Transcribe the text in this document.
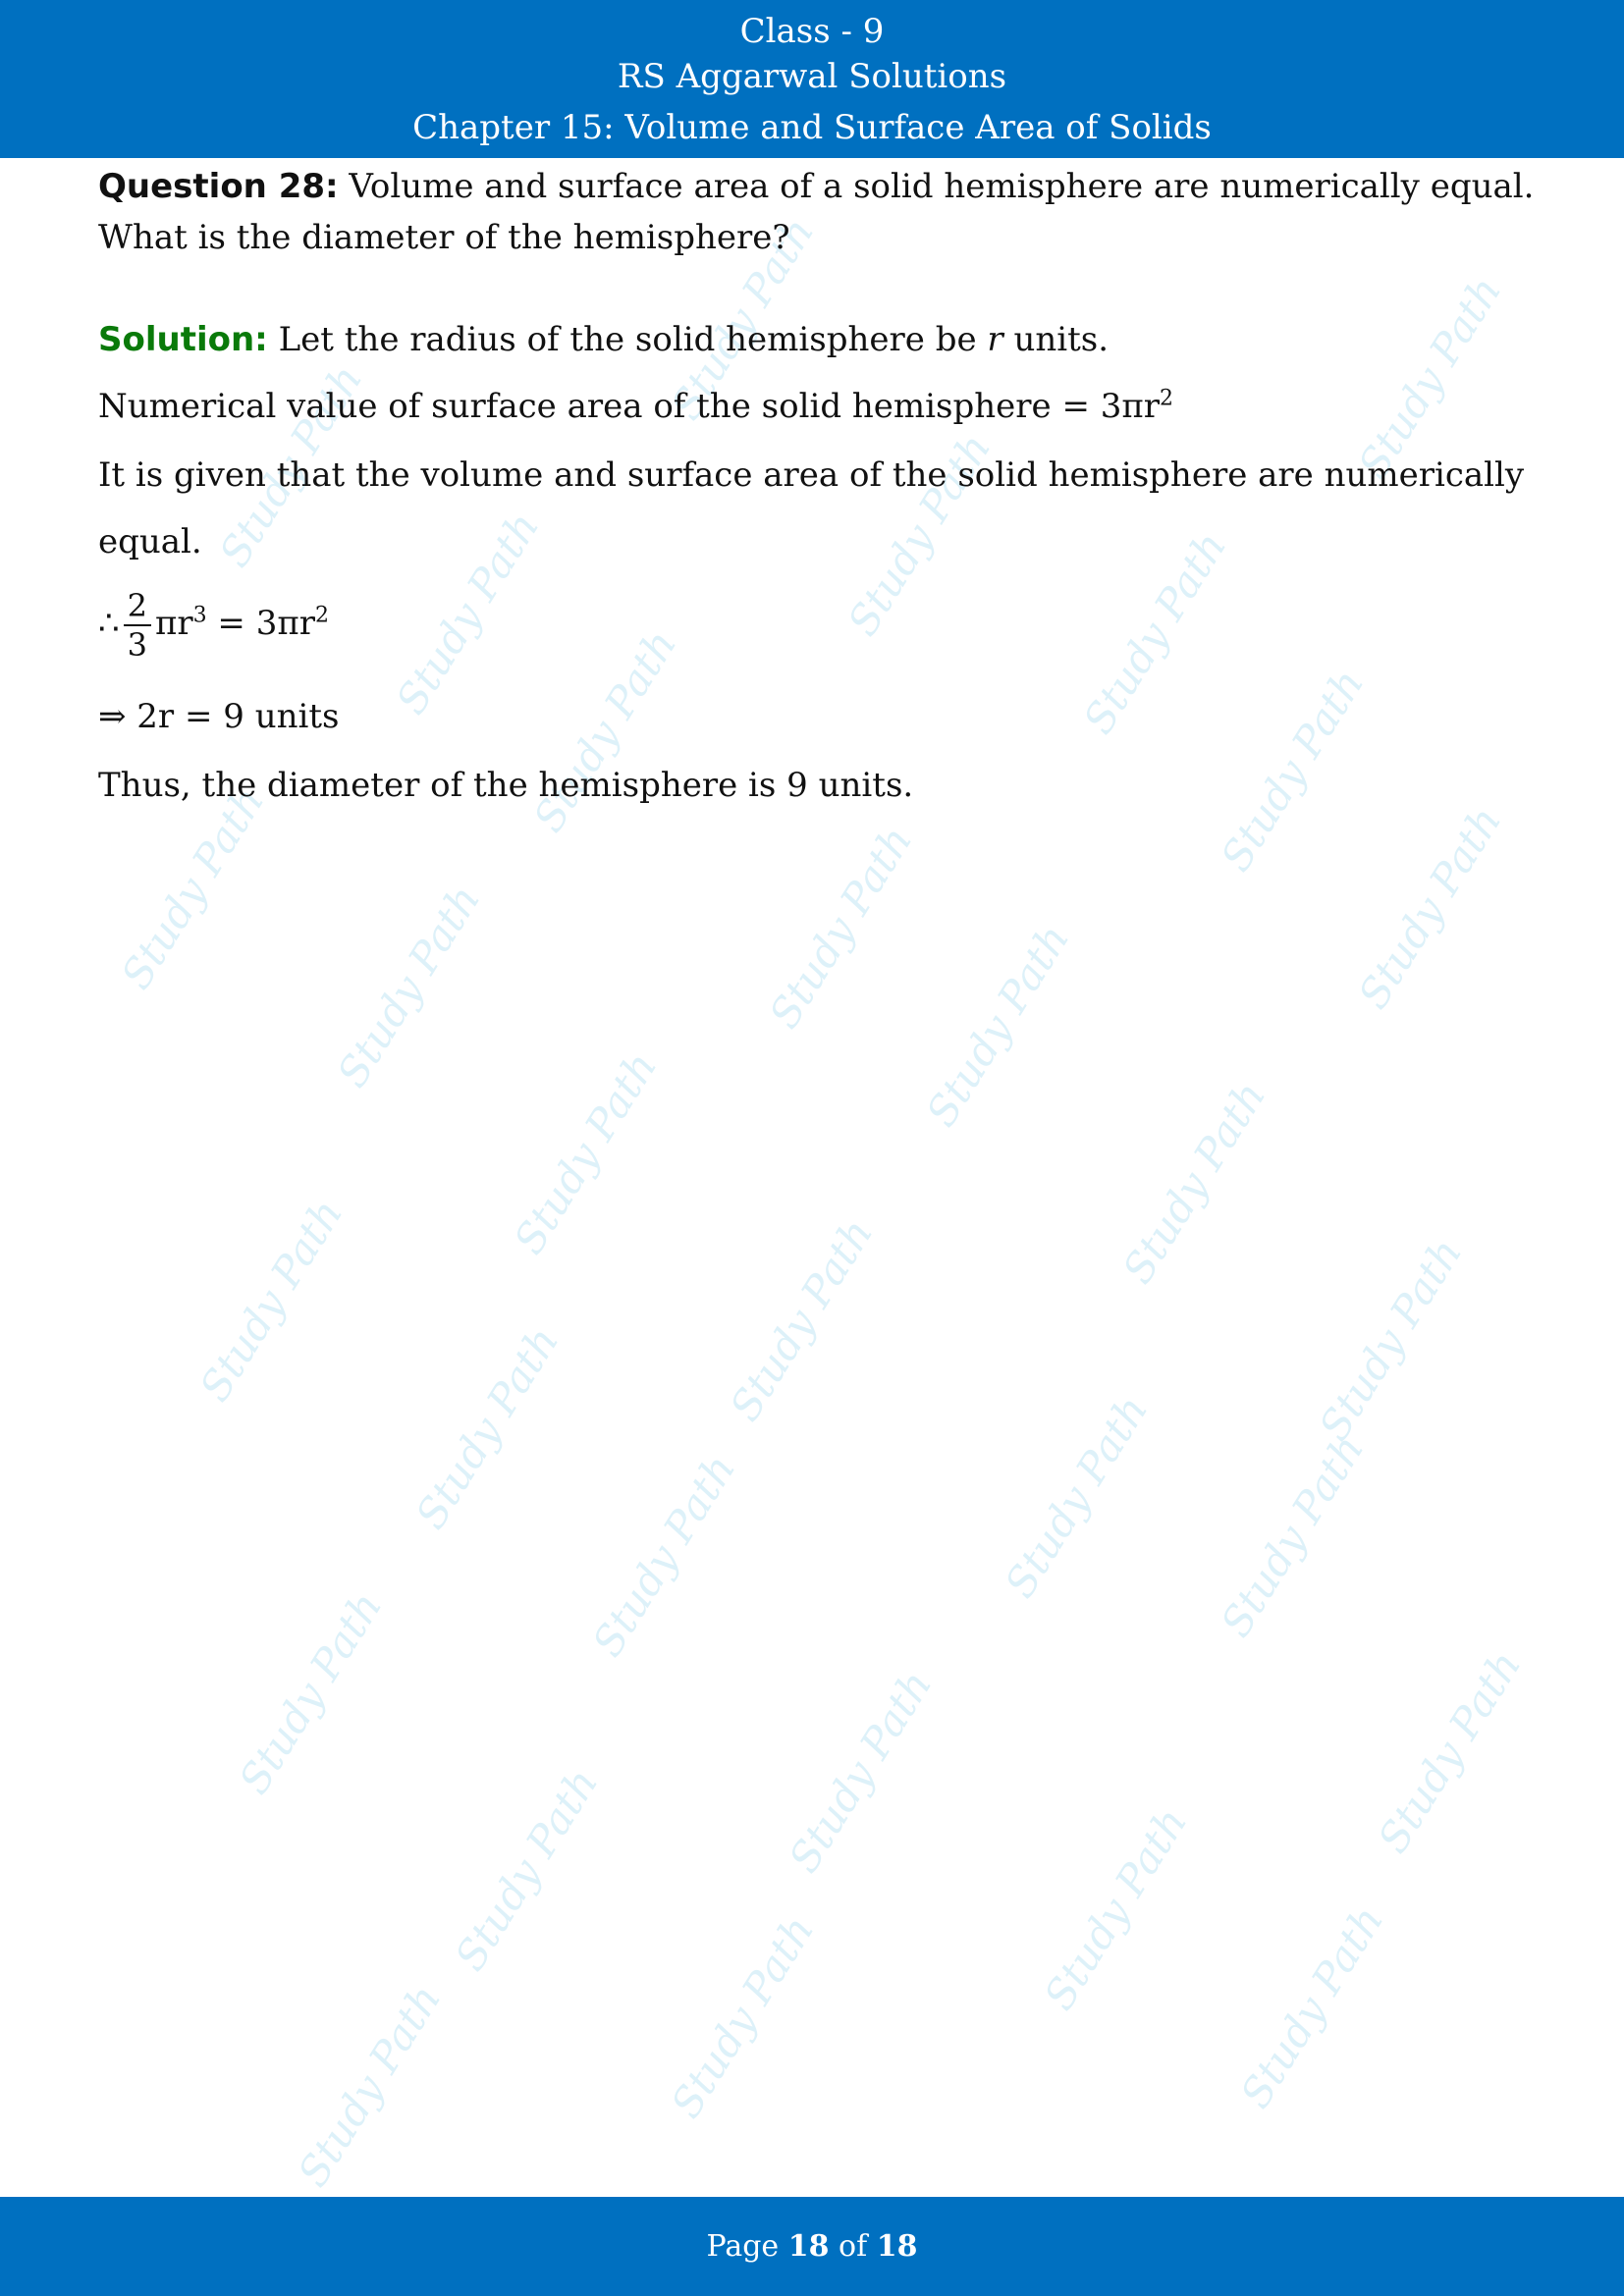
Class - 9
RS Aggarwal Solutions
Chapter 15: Volume and Surface Area of Solids
Study Path	Study Path
Study Path	Study Path
Study Path	Study Path
Study Path	Study Path
Study Path	Study Path	Study Path
Study Path	Study Path
Study Path	Study Path
Study Path	Study Path	Study Path
Study Path	Study Path
Study Path	Study Path
Study Path	Study Path	Study Path
Study Path	Study Path
Study Path
Study Path	Study Path
Question 28: Volume and surface area of a solid hemisphere are numerically equal.
What is the diameter of the hemisphere?
Solution: Let the radius of the solid hemisphere be r units.
Numerical value of surface area of the solid hemisphere = $3\pi r^2$
It is given that the volume and surface area of the solid hemisphere are numerically
equal.
∴ $\frac{2}{3} \pi r^3 = 3\pi r^2$
⇒ 2r = 9 units
Thus, the diameter of the hemisphere is 9 units.
Page 18 of 18
